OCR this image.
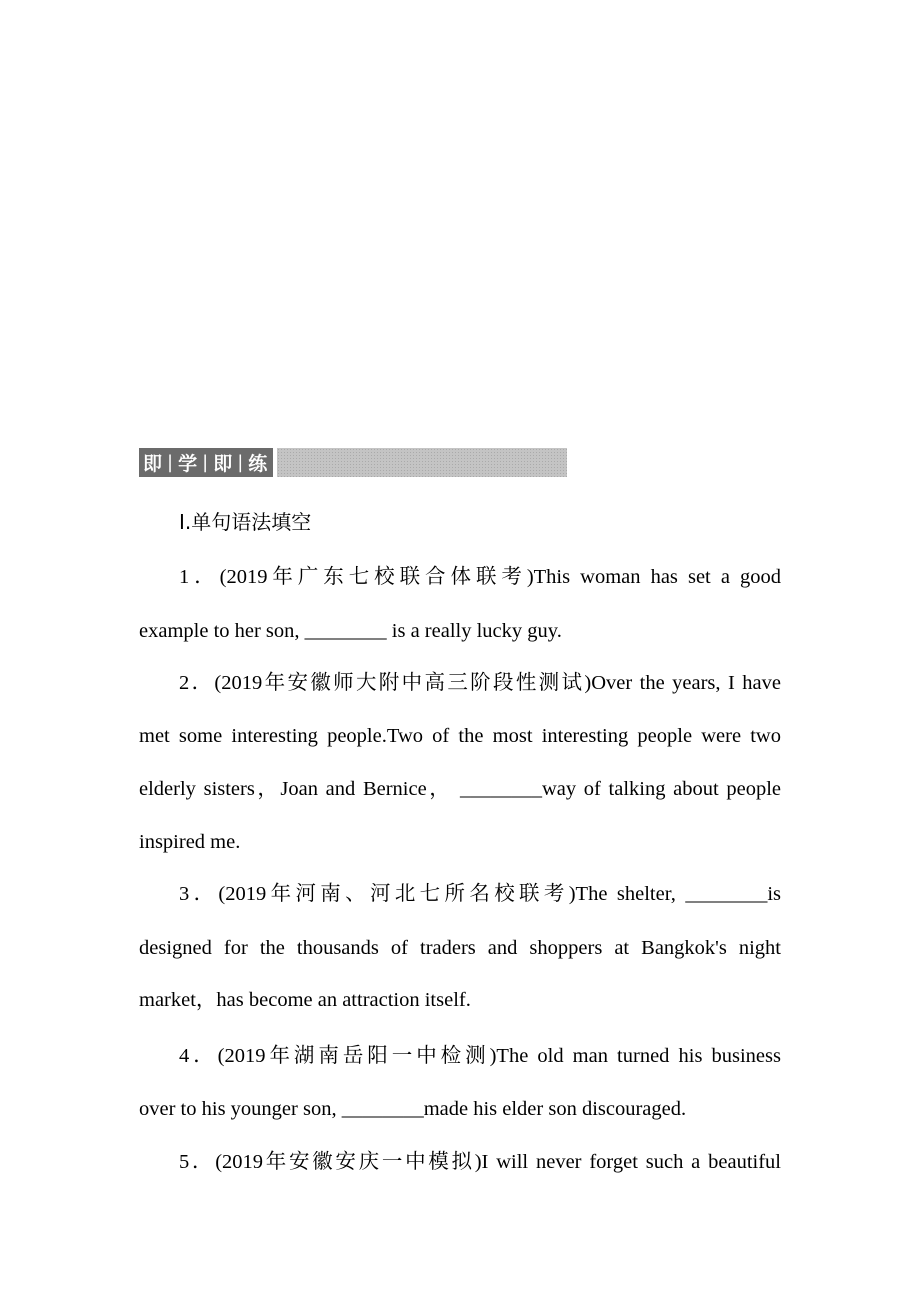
即 | 学 | 即 | 练
Ⅰ.单句语法填空
1．(2019年广东七校联合体联考)This woman has set a good
example to her son, ________ is a really lucky guy.
2．(2019年安徽师大附中高三阶段性测试)Over the years, I have
met some interesting people.Two of the most interesting people were two
elderly sisters，Joan and Bernice， ________way of talking about people
inspired me.
3．(2019年河南、河北七所名校联考)The shelter, ________is
designed for the thousands of traders and shoppers at Bangkok's night
market，has become an attraction itself.
4．(2019年湖南岳阳一中检测)The old man turned his business
over to his younger son, ________made his elder son discouraged.
5．(2019年安徽安庆一中模拟)I will never forget such a beautiful
